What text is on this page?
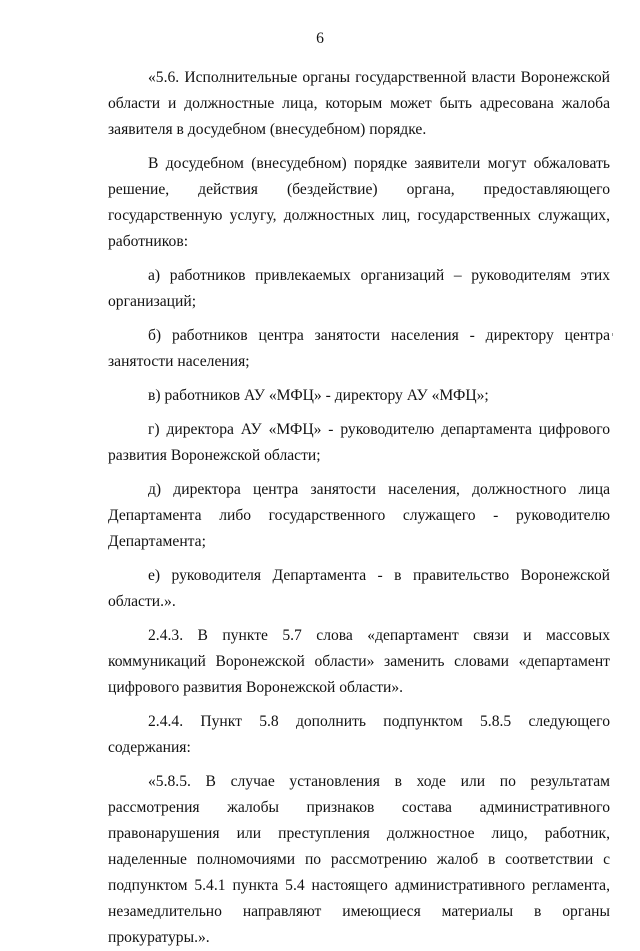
6

«5.6. Исполнительные органы государственной власти Воронежской области и должностные лица, которым может быть адресована жалоба заявителя в досудебном (внесудебном) порядке.

В досудебном (внесудебном) порядке заявители могут обжаловать решение, действия (бездействие) органа, предоставляющего государственную услугу, должностных лиц, государственных служащих, работников:

а) работников привлекаемых организаций – руководителям этих организаций;

б) работников центра занятости населения - директору центра занятости населения;

в) работников АУ «МФЦ» - директору АУ «МФЦ»;

г) директора АУ «МФЦ» - руководителю департамента цифрового развития Воронежской области;

д) директора центра занятости населения, должностного лица Департамента либо государственного служащего - руководителю Департамента;

е) руководителя Департамента - в правительство Воронежской области.».

2.4.3. В пункте 5.7 слова «департамент связи и массовых коммуникаций Воронежской области» заменить словами «департамент цифрового развития Воронежской области».

2.4.4. Пункт 5.8 дополнить подпунктом 5.8.5 следующего содержания:

«5.8.5. В случае установления в ходе или по результатам рассмотрения жалобы признаков состава административного правонарушения или преступления должностное лицо, работник, наделенные полномочиями по рассмотрению жалоб в соответствии с подпунктом 5.4.1 пункта 5.4 настоящего административного регламента, незамедлительно направляют имеющиеся материалы в органы прокуратуры.».
